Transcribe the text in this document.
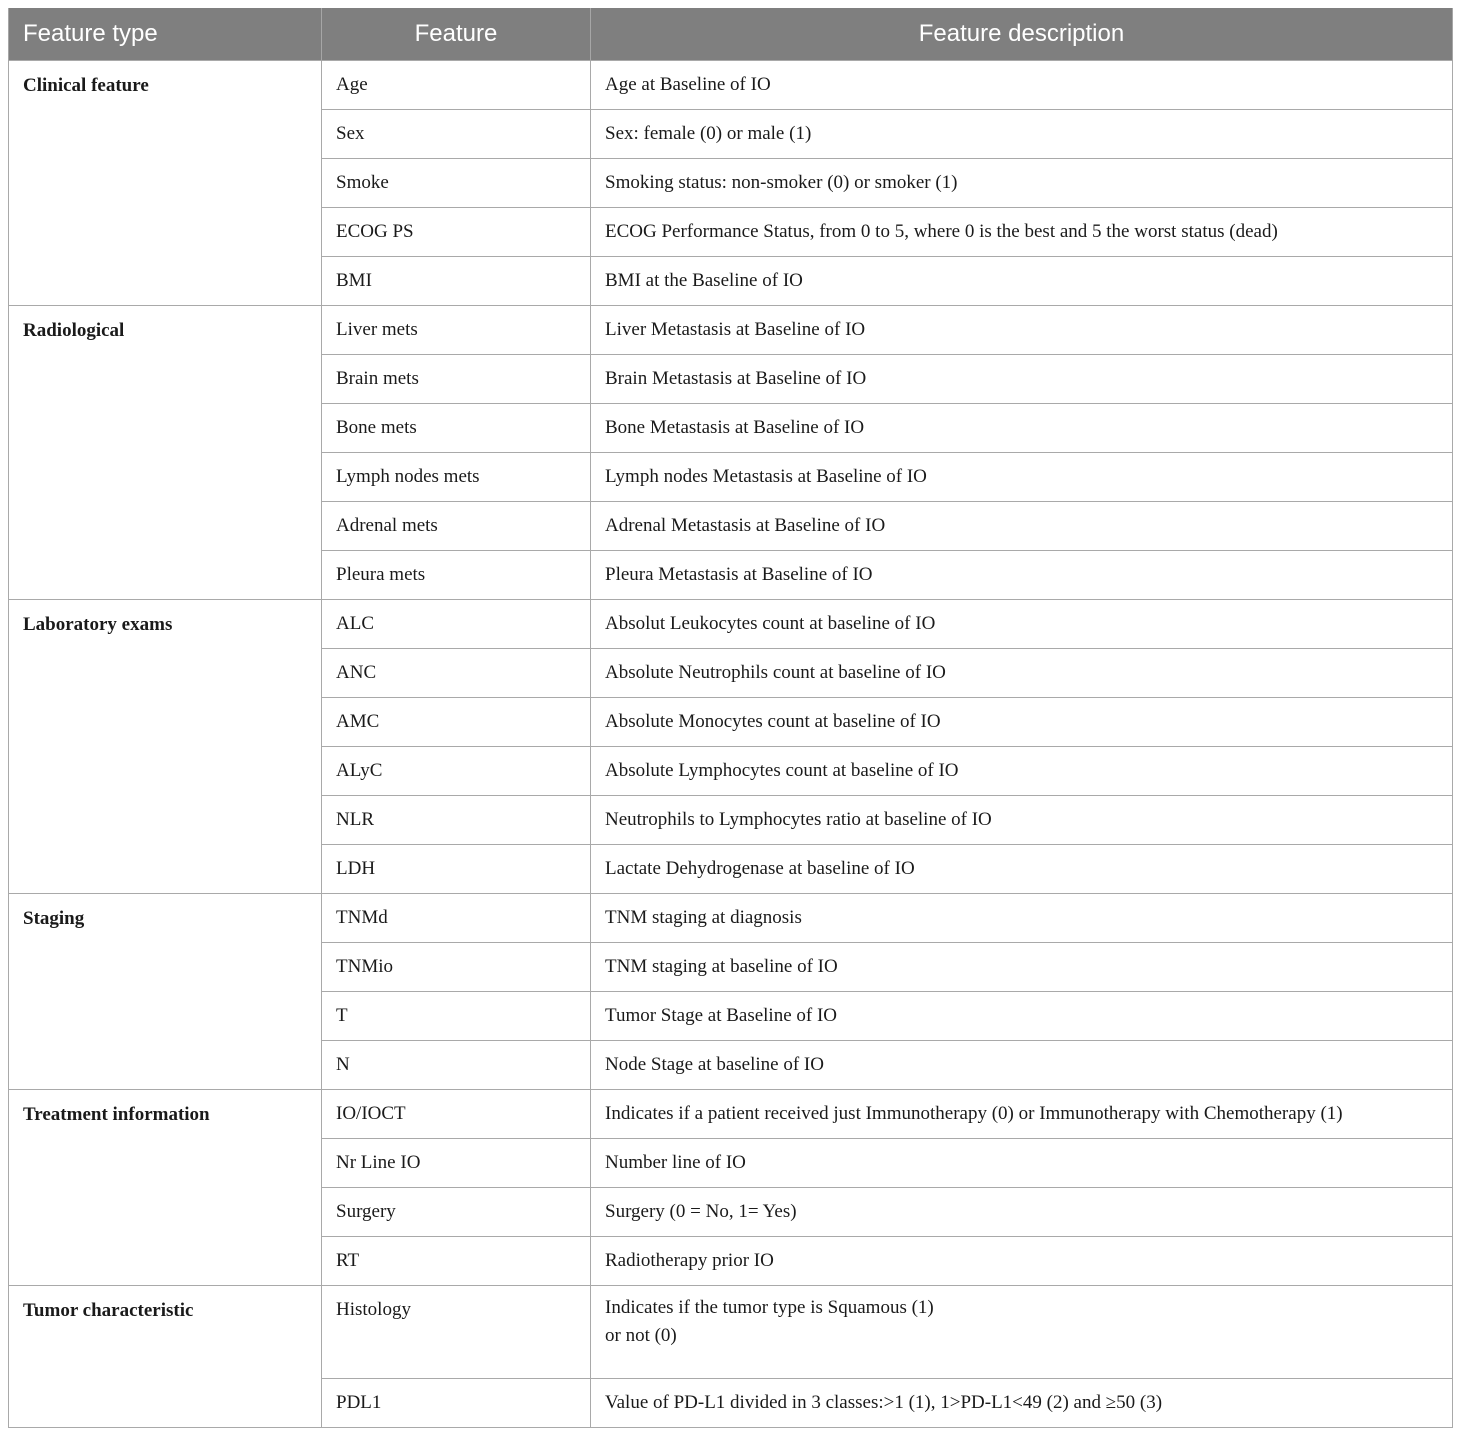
Feature type	Feature	Feature description
Clinical feature	Age	Age at Baseline of IO
	Sex	Sex: female (0) or male (1)
	Smoke	Smoking status: non-smoker (0) or smoker (1)
	ECOG PS	ECOG Performance Status, from 0 to 5, where 0 is the best and 5 the worst status (dead)
	BMI	BMI at the Baseline of IO
Radiological	Liver mets	Liver Metastasis at Baseline of IO
	Brain mets	Brain Metastasis at Baseline of IO
	Bone mets	Bone Metastasis at Baseline of IO
	Lymph nodes mets	Lymph nodes Metastasis at Baseline of IO
	Adrenal mets	Adrenal Metastasis at Baseline of IO
	Pleura mets	Pleura Metastasis at Baseline of IO
Laboratory exams	ALC	Absolut Leukocytes count at baseline of IO
	ANC	Absolute Neutrophils count at baseline of IO
	AMC	Absolute Monocytes count at baseline of IO
	ALyC	Absolute Lymphocytes count at baseline of IO
	NLR	Neutrophils to Lymphocytes ratio at baseline of IO
	LDH	Lactate Dehydrogenase at baseline of IO
Staging	TNMd	TNM staging at diagnosis
	TNMio	TNM staging at baseline of IO
	T	Tumor Stage at Baseline of IO
	N	Node Stage at baseline of IO
Treatment information	IO/IOCT	Indicates if a patient received just Immunotherapy (0) or Immunotherapy with Chemotherapy (1)
	Nr Line IO	Number line of IO
	Surgery	Surgery (0 = No, 1= Yes)
	RT	Radiotherapy prior IO
Tumor characteristic	Histology	Indicates if the tumor type is Squamous (1)
or not (0)

	PDL1	Value of PD-L1 divided in 3 classes:>1 (1), 1>PD-L1<49 (2) and ≥50 (3)
